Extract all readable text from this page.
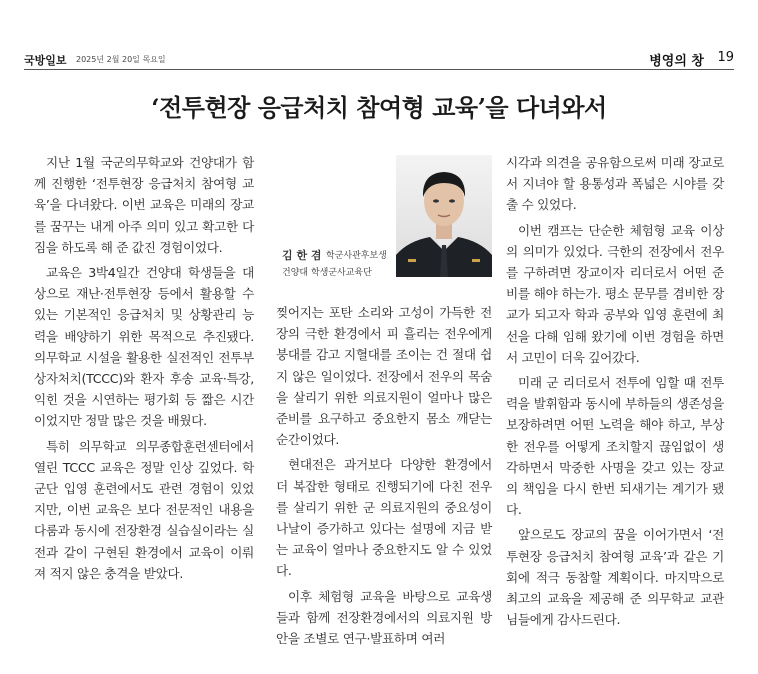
국방일보 2025년 2월 20일 목요일	병영의 창 19
‘전투현장 응급처치 참여형 교육’을 다녀와서

지난 1월 국군의무학교와 건양대가 함께 진행한 ‘전투현장 응급처치 참여형 교육’을 다녀왔다. 이번 교육은 미래의 장교를 꿈꾸는 내게 아주 의미 있고 확고한 다짐을 하도록 해 준 값진 경험이었다.

교육은 3박4일간 건양대 학생들을 대상으로 재난·전투현장 등에서 활용할 수 있는 기본적인 응급처치 및 상황관리 능력을 배양하기 위한 목적으로 추진됐다. 의무학교 시설을 활용한 실전적인 전투부상자처치(TCCC)와 환자 후송 교육·특강, 익힌 것을 시연하는 평가회 등 짧은 시간이었지만 정말 많은 것을 배웠다.

특히 의무학교 의무종합훈련센터에서 열린 TCCC 교육은 정말 인상 깊었다. 학군단 입영 훈련에서도 관련 경험이 있었지만, 이번 교육은 보다 전문적인 내용을 다룸과 동시에 전장환경 실습실이라는 실전과 같이 구현된 환경에서 교육이 이뤄져 적지 않은 충격을 받았다.

김 한 겸 학군사관후보생
건양대 학생군사교육단

찢어지는 포탄 소리와 고성이 가득한 전장의 극한 환경에서 피 흘리는 전우에게 붕대를 감고 지혈대를 조이는 건 절대 쉽지 않은 일이었다. 전장에서 전우의 목숨을 살리기 위한 의료지원이 얼마나 많은 준비를 요구하고 중요한지 몸소 깨닫는 순간이었다.

현대전은 과거보다 다양한 환경에서 더 복잡한 형태로 진행되기에 다친 전우를 살리기 위한 군 의료지원의 중요성이 나날이 증가하고 있다는 설명에 지금 받는 교육이 얼마나 중요한지도 알 수 있었다.

이후 체험형 교육을 바탕으로 교육생들과 함께 전장환경에서의 의료지원 방안을 조별로 연구·발표하며 여러

시각과 의견을 공유함으로써 미래 장교로서 지녀야 할 용통성과 폭넓은 시야를 갖출 수 있었다.

이번 캠프는 단순한 체험형 교육 이상의 의미가 있었다. 극한의 전장에서 전우를 구하려면 장교이자 리더로서 어떤 준비를 해야 하는가. 평소 문무를 겸비한 장교가 되고자 학과 공부와 입영 훈련에 최선을 다해 임해 왔기에 이번 경험을 하면서 고민이 더욱 깊어갔다.

미래 군 리더로서 전투에 임할 때 전투력을 발휘함과 동시에 부하들의 생존성을 보장하려면 어떤 노력을 해야 하고, 부상한 전우를 어떻게 조치할지 끊임없이 생각하면서 막중한 사명을 갖고 있는 장교의 책임을 다시 한번 되새기는 계기가 됐다.

앞으로도 장교의 꿈을 이어가면서 ‘전투현장 응급처치 참여형 교육’과 같은 기회에 적극 동참할 계획이다. 마지막으로 최고의 교육을 제공해 준 의무학교 교관님들에게 감사드린다.
